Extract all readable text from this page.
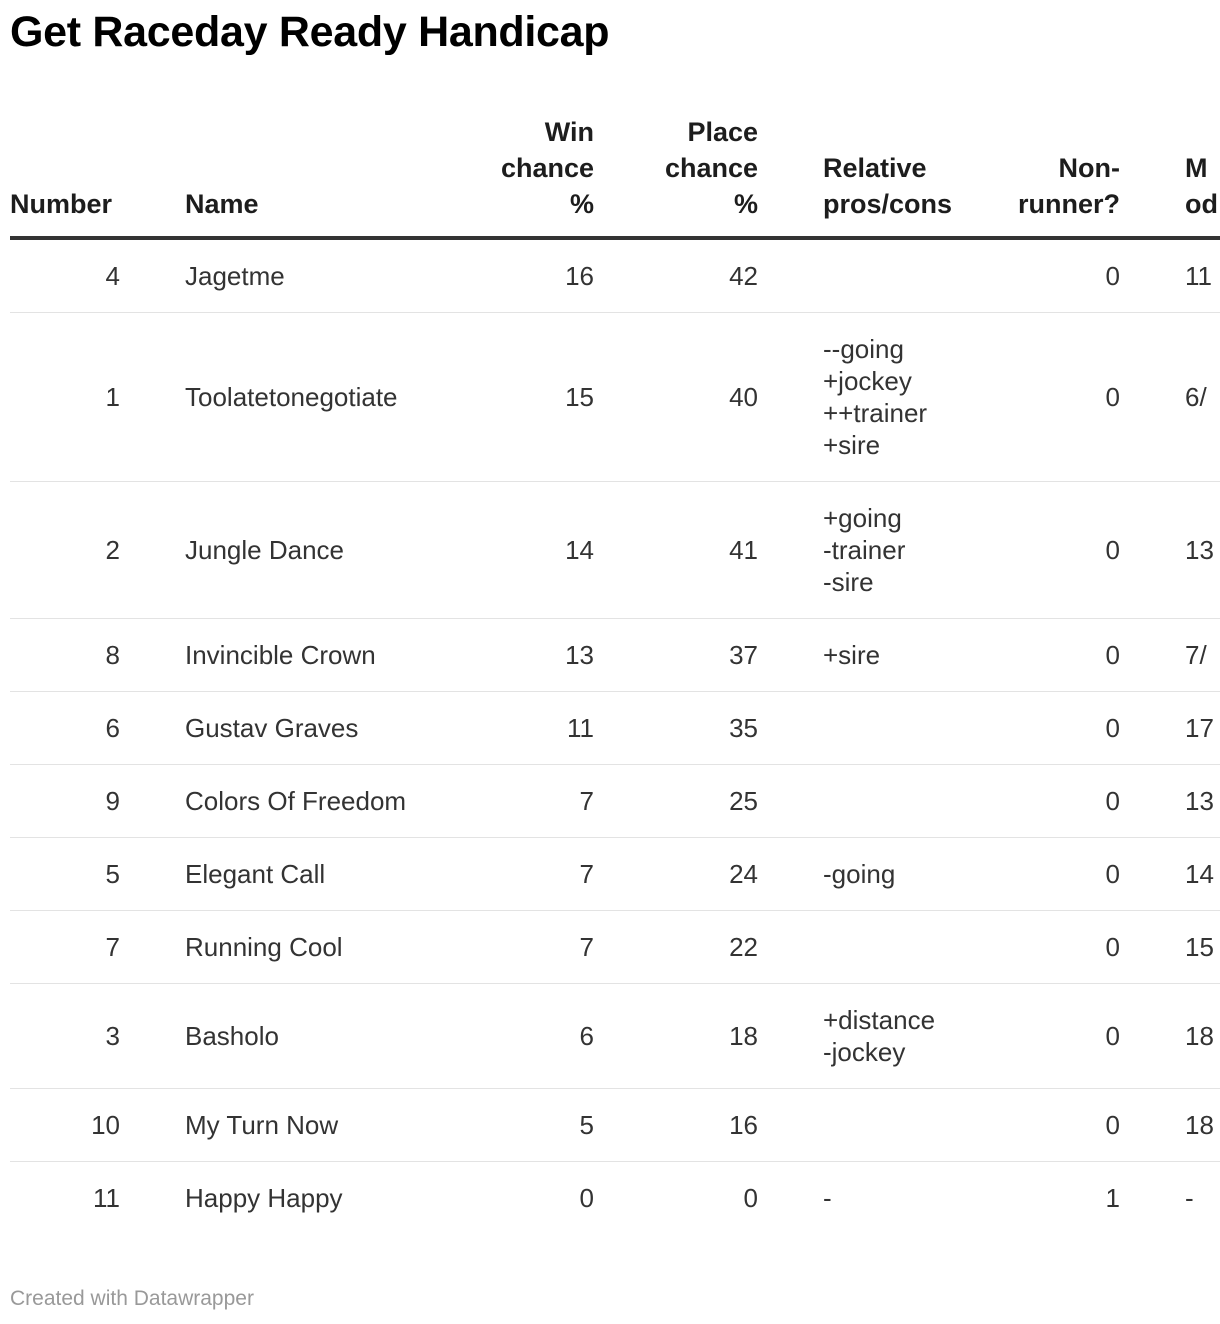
Get Raceday Ready Handicap
Number	Name	Win
chance
%	Place
chance
%	Relative
pros/cons	Non-
runner?	M
od
4	Jagetme	16	42		0	11
1	Toolatetonegotiate	15	40	--going
+jockey
++trainer
+sire	0	6/
2	Jungle Dance	14	41	+going
-trainer
-sire	0	13
8	Invincible Crown	13	37	+sire	0	7/
6	Gustav Graves	11	35		0	17
9	Colors Of Freedom	7	25		0	13
5	Elegant Call	7	24	-going	0	14
7	Running Cool	7	22		0	15
3	Basholo	6	18	+distance
-jockey	0	18
10	My Turn Now	5	16		0	18
11	Happy Happy	0	0	-	1	-
Created with Datawrapper
